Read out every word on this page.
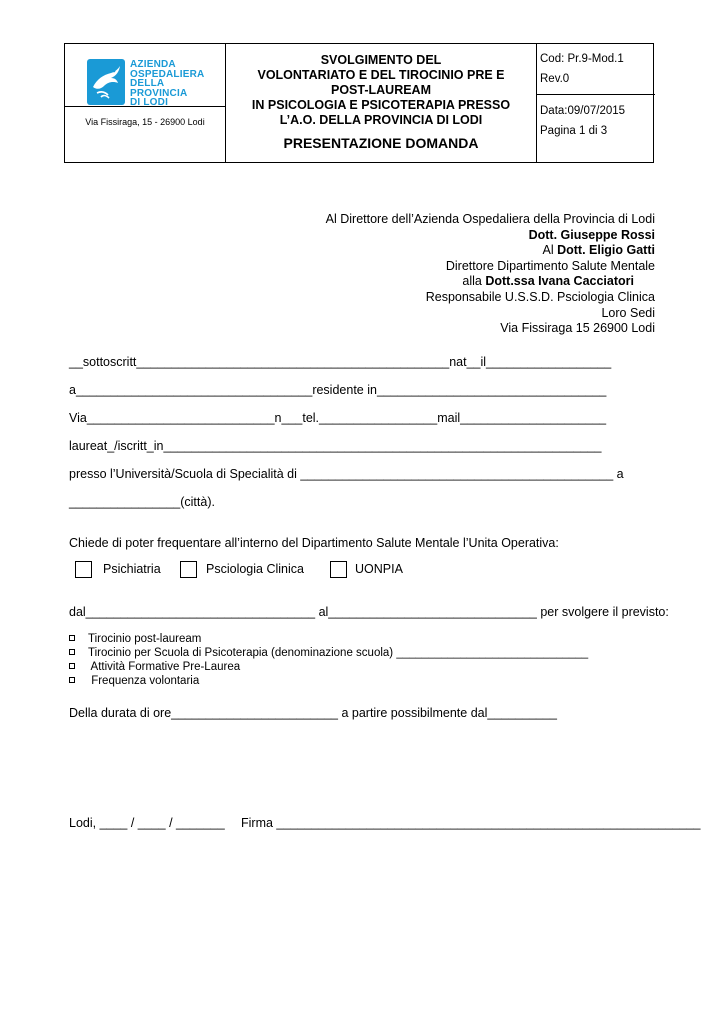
AZIENDA
OSPEDALIERA
DELLA
PROVINCIA
DI LODI
Via Fissiraga, 15 - 26900 Lodi
SVOLGIMENTO DEL
VOLONTARIATO E DEL TIROCINIO PRE E
POST-LAUREAM
IN PSICOLOGIA E PSICOTERAPIA PRESSO
L’A.O. DELLA PROVINCIA DI LODI
PRESENTAZIONE DOMANDA
Cod: Pr.9-Mod.1
Rev.0
Data:09/07/2015
Pagina 1 di 3
Al Direttore dell’Azienda Ospedaliera della Provincia di Lodi
Dott. Giuseppe Rossi
Al Dott. Eligio Gatti
Direttore Dipartimento Salute Mentale
alla Dott.ssa Ivana Cacciatori
Responsabile U.S.S.D. Psciologia Clinica
Loro Sedi
Via Fissiraga 15 26900 Lodi
__sottoscritt_____________________________________________nat__il__________________
a__________________________________residente in_________________________________
Via___________________________n___tel._________________mail_____________________
laureat_/iscritt_in_______________________________________________________________
presso l’Università/Scuola di Specialità di _____________________________________________ a
________________(città).
Chiede di poter frequentare all’interno del Dipartimento Salute Mentale l’Unita Operativa:
Psichiatria	Psciologia Clinica	UONPIA
dal_________________________________ al______________________________ per svolgere il previsto:
Tirocinio post-lauream
Tirocinio per Scuola di Psicoterapia (denominazione scuola) ______________________________
Attività Formative Pre-Laurea
Frequenza volontaria
Della durata di ore________________________ a partire possibilmente dal__________
Lodi, ____ / ____ / _______ Firma _____________________________________________________________
